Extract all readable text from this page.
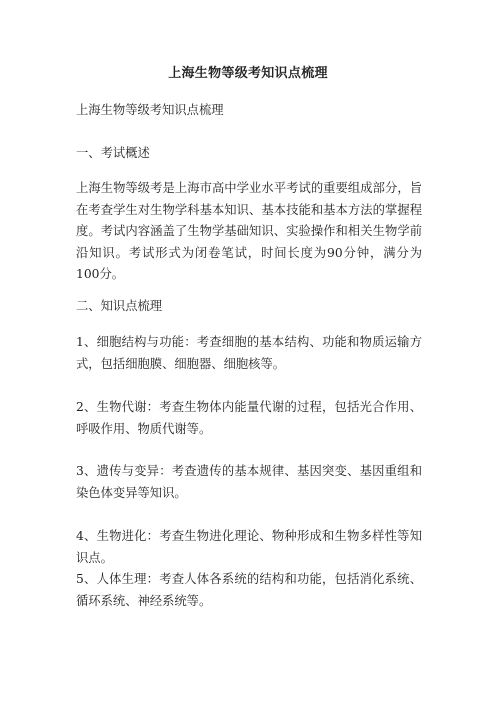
上海生物等级考知识点梳理
上海生物等级考知识点梳理
一、考试概述
上海生物等级考是上海市高中学业水平考试的重要组成部分，旨在考查学生对生物学科基本知识、基本技能和基本方法的掌握程度。考试内容涵盖了生物学基础知识、实验操作和相关生物学前沿知识。考试形式为闭卷笔试，时间长度为90分钟，满分为100分。
二、知识点梳理
1、细胞结构与功能：考查细胞的基本结构、功能和物质运输方式，包括细胞膜、细胞器、细胞核等。
2、生物代谢：考查生物体内能量代谢的过程，包括光合作用、呼吸作用、物质代谢等。
3、遗传与变异：考查遗传的基本规律、基因突变、基因重组和染色体变异等知识。
4、生物进化：考查生物进化理论、物种形成和生物多样性等知识点。
5、人体生理：考查人体各系统的结构和功能，包括消化系统、循环系统、神经系统等。
